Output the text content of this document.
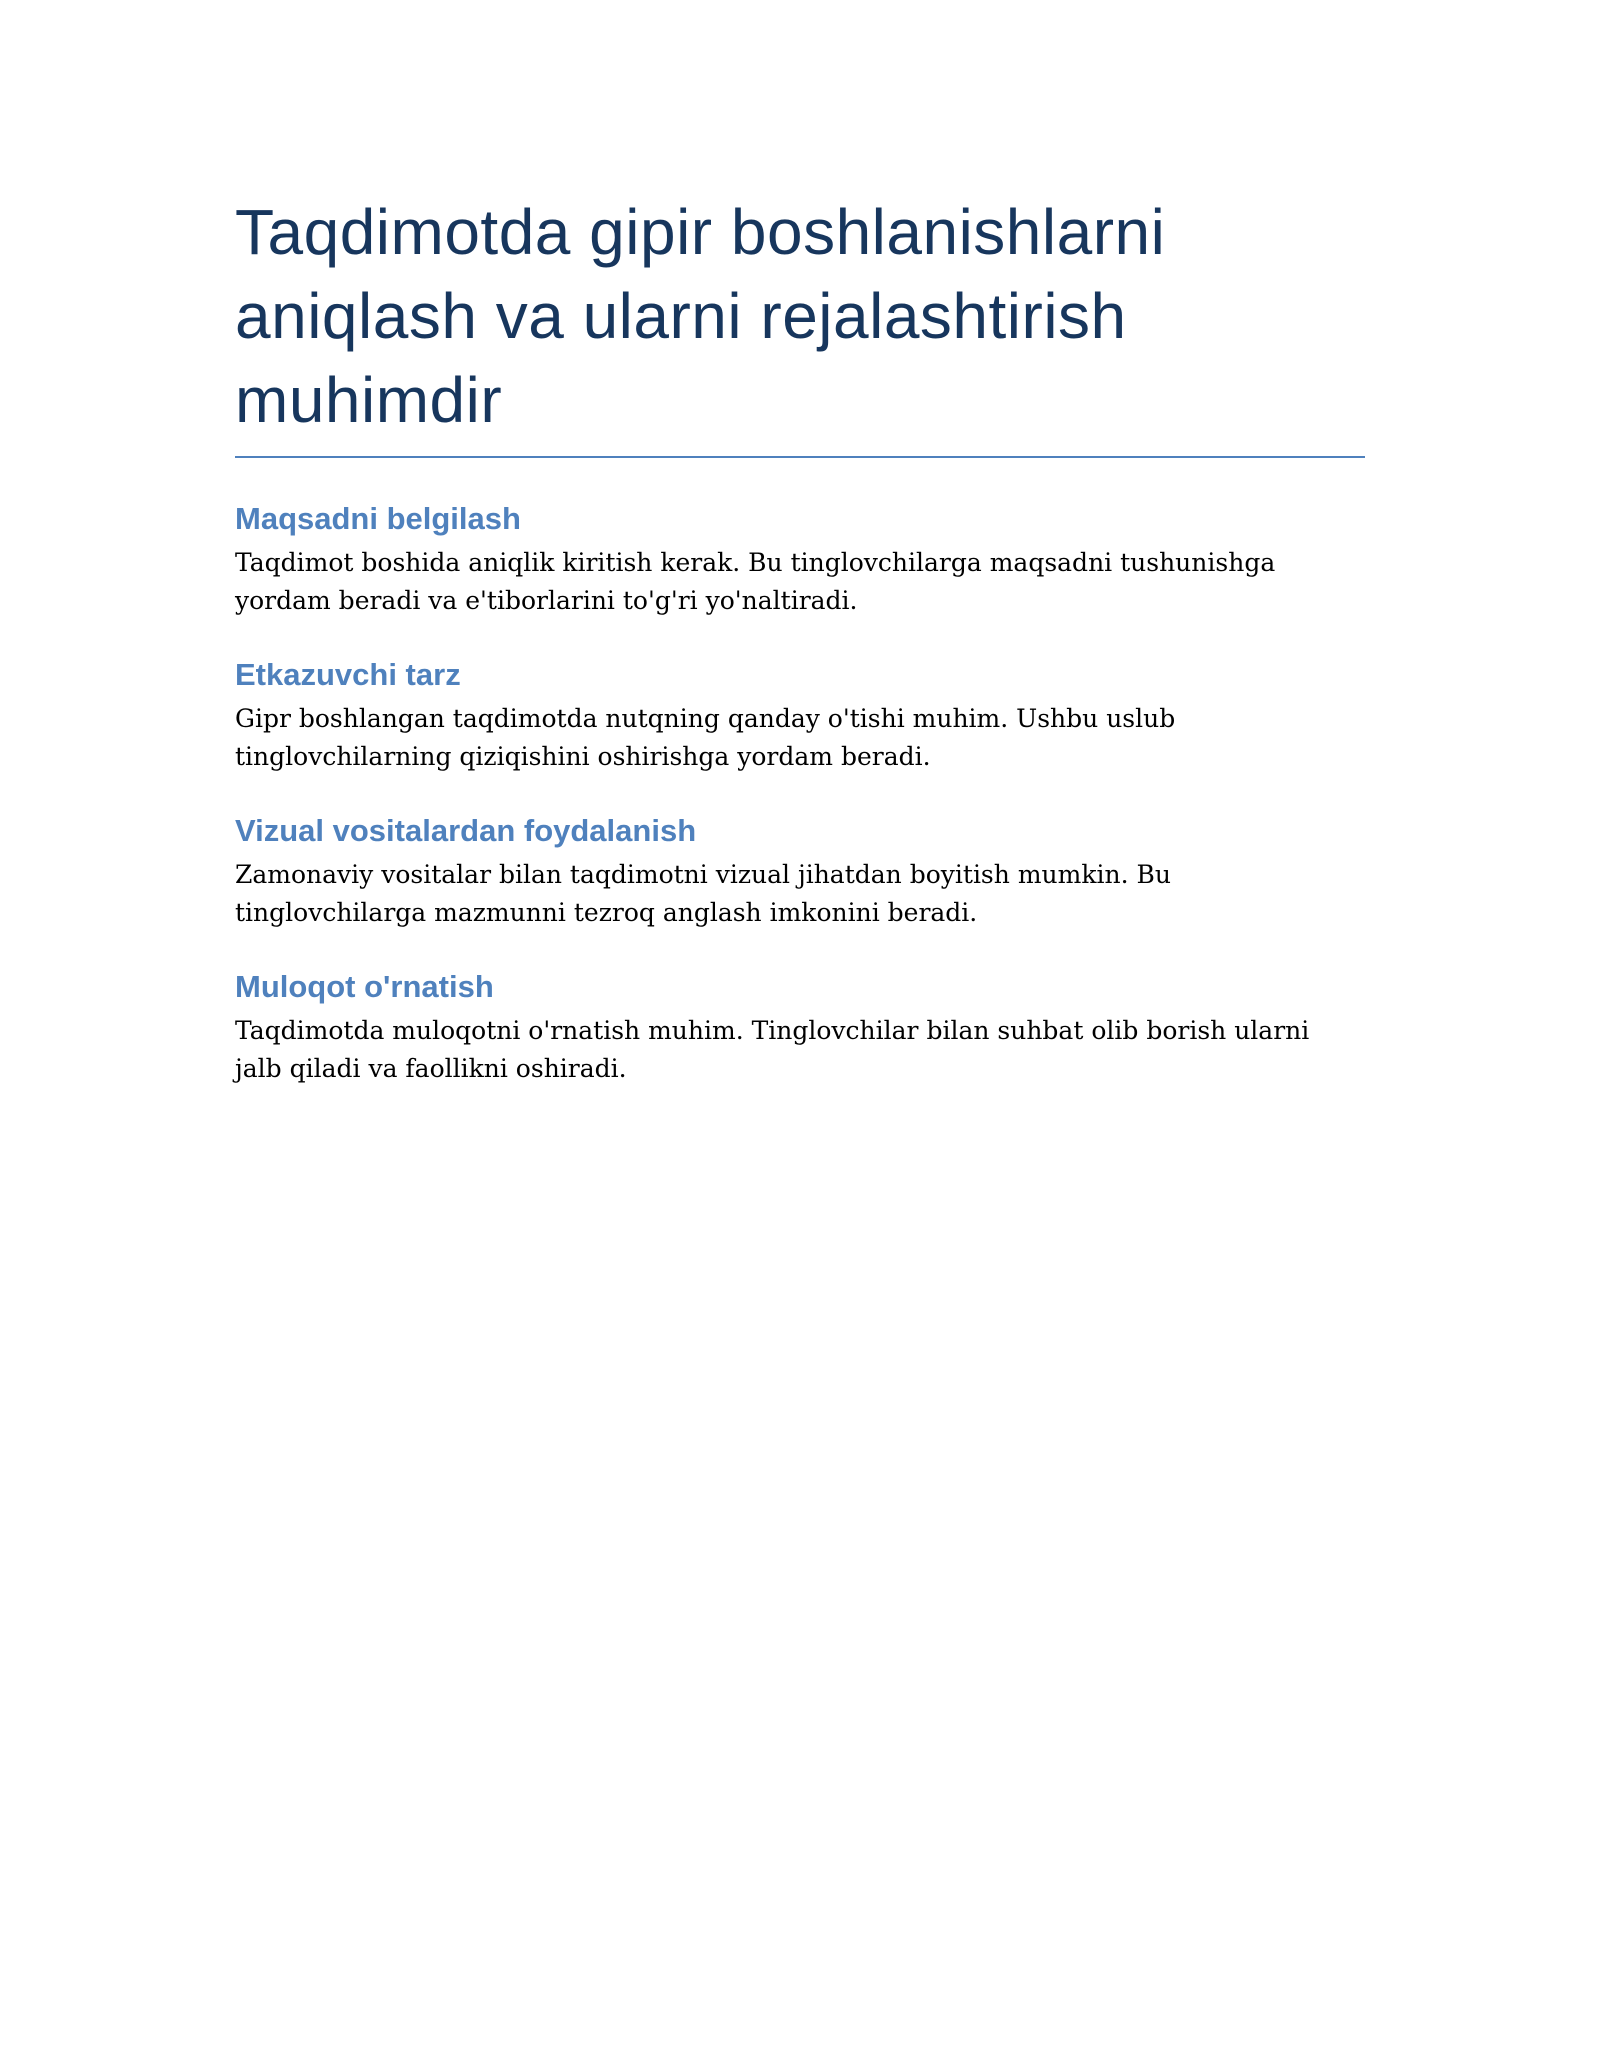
Taqdimotda gipir boshlanishlarni aniqlash va ularni rejalashtirish muhimdir
Maqsadni belgilash

Taqdimot boshida aniqlik kiritish kerak. Bu tinglovchilarga maqsadni tushunishga yordam beradi va e'tiborlarini to'g'ri yo'naltiradi.

Etkazuvchi tarz

Gipr boshlangan taqdimotda nutqning qanday o'tishi muhim. Ushbu uslub tinglovchilarning qiziqishini oshirishga yordam beradi.

Vizual vositalardan foydalanish

Zamonaviy vositalar bilan taqdimotni vizual jihatdan boyitish mumkin. Bu tinglovchilarga mazmunni tezroq anglash imkonini beradi.

Muloqot o'rnatish

Taqdimotda muloqotni o'rnatish muhim. Tinglovchilar bilan suhbat olib borish ularni jalb qiladi va faollikni oshiradi.
